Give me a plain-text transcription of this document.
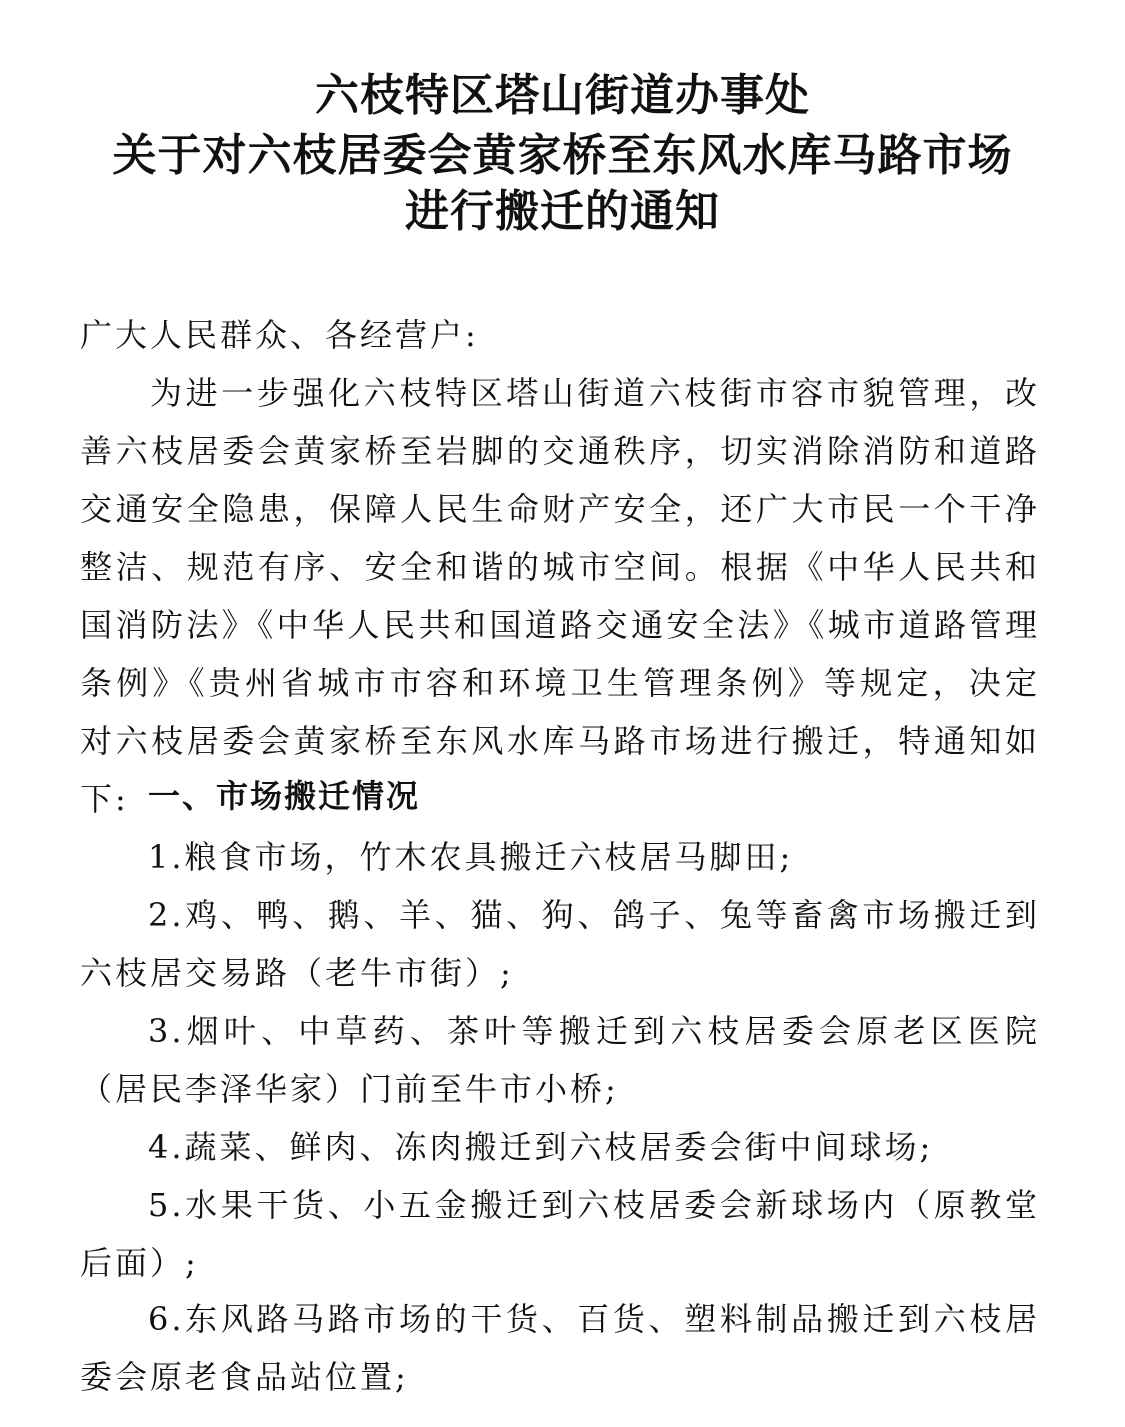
六枝特区塔山街道办事处
关于对六枝居委会黄家桥至东风水库马路市场
进行搬迁的通知
广大人民群众、各经营户:
为进一步强化六枝特区塔山街道六枝街市容市貌管理，改善六枝居委会黄家桥至岩脚的交通秩序，切实消除消防和道路交通安全隐患，保障人民生命财产安全，还广大市民一个干净整洁、规范有序、安全和谐的城市空间。根据《中华人民共和国消防法》《中华人民共和国道路交通安全法》《城市道路管理条例》《贵州省城市市容和环境卫生管理条例》等规定，决定对六枝居委会黄家桥至东风水库马路市场进行搬迁，特通知如下: 一、市场搬迁情况
1.粮食市场，竹木农具搬迁六枝居马脚田;
2.鸡、鸭、鹅、羊、猫、狗、鸽子、兔等畜禽市场搬迁到六枝居交易路（老牛市街）;
3.烟叶、中草药、茶叶等搬迁到六枝居委会原老区医院（居民李泽华家）门前至牛市小桥;
4.蔬菜、鲜肉、冻肉搬迁到六枝居委会街中间球场;
5.水果干货、小五金搬迁到六枝居委会新球场内（原教堂后面）;
6.东风路马路市场的干货、百货、塑料制品搬迁到六枝居委会原老食品站位置;
